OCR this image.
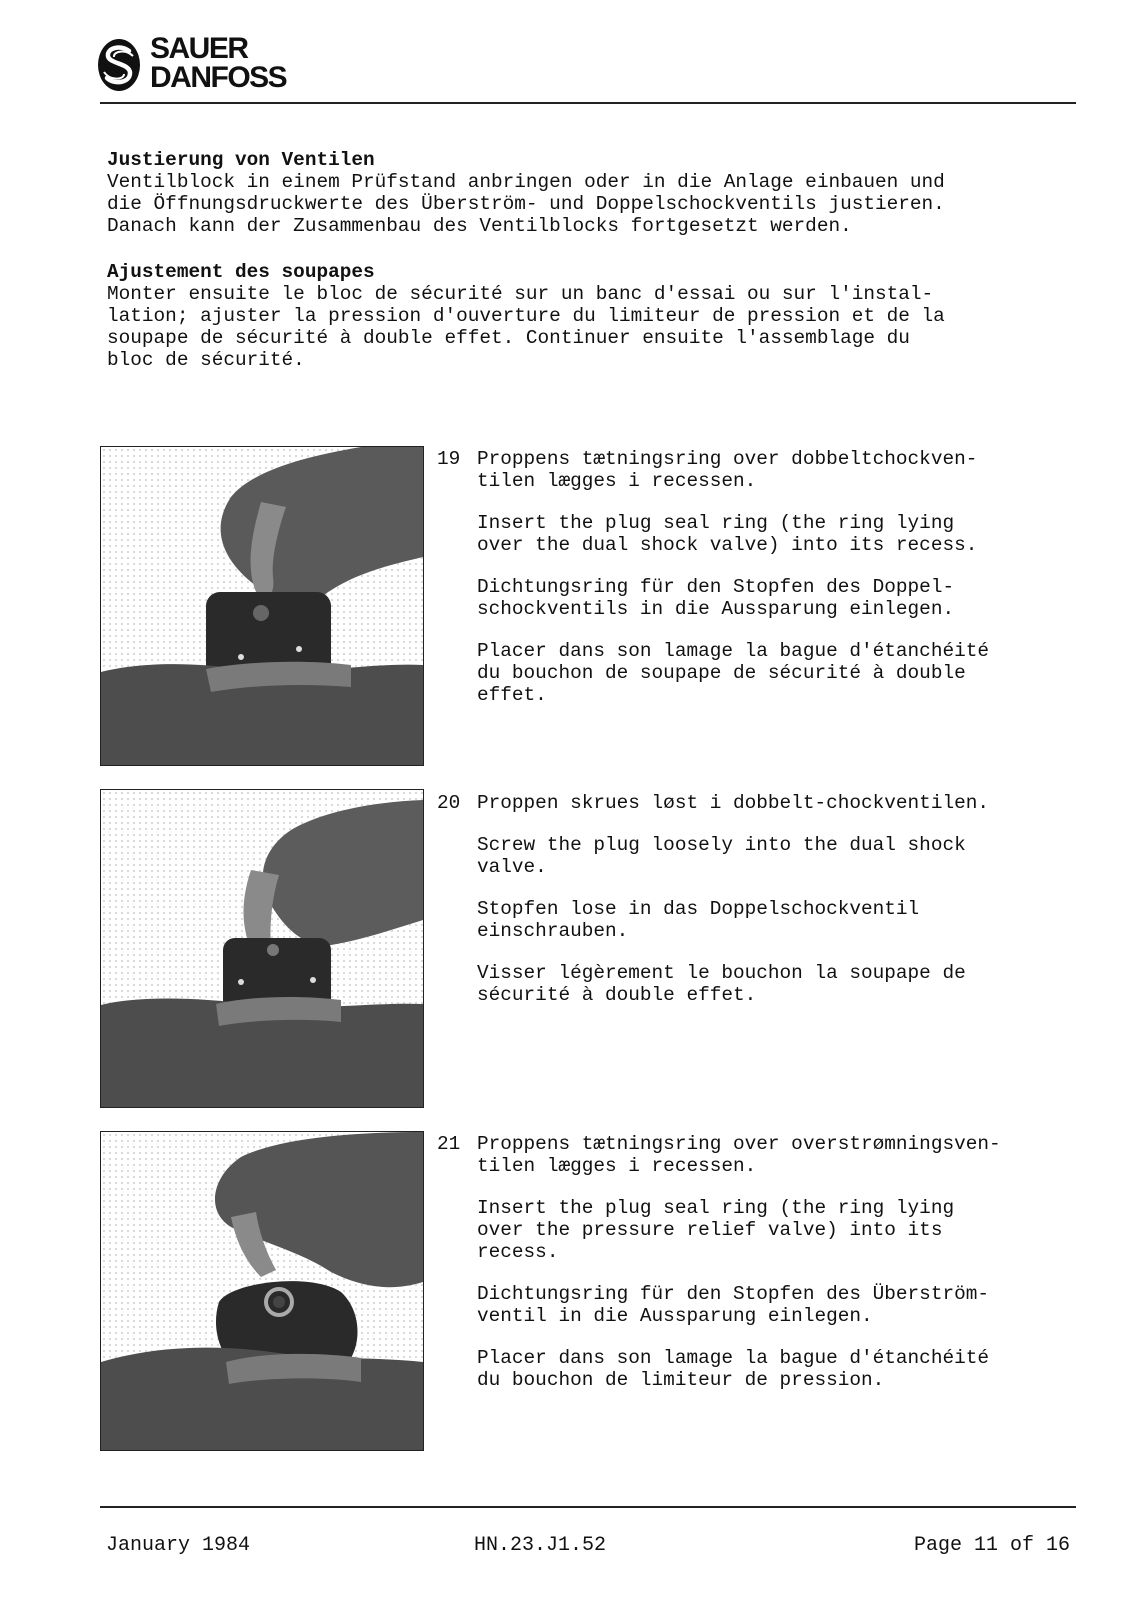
SAUER
DANFOSS
Justierung von Ventilen
Ventilblock in einem Prüfstand anbringen oder in die Anlage einbauen und
die Öffnungsdruckwerte des Überström- und Doppelschockventils justieren.
Danach kann der Zusammenbau des Ventilblocks fortgesetzt werden.
Ajustement des soupapes
Monter ensuite le bloc de sécurité sur un banc d'essai ou sur l'instal-
lation; ajuster la pression d'ouverture du limiteur de pression et de la
soupape de sécurité à double effet. Continuer ensuite l'assemblage du
bloc de sécurité.
19 Proppens tætningsring over dobbeltchockven-
tilen lægges i recessen.
Insert the plug seal ring (the ring lying
over the dual shock valve) into its recess.
Dichtungsring für den Stopfen des Doppel-
schockventils in die Aussparung einlegen.
Placer dans son lamage la bague d'étanchéité
du bouchon de soupape de sécurité à double
effet.
20 Proppen skrues løst i dobbelt-chockventilen.
Screw the plug loosely into the dual shock
valve.
Stopfen lose in das Doppelschockventil
einschrauben.
Visser légèrement le bouchon la soupape de
sécurité à double effet.
21 Proppens tætningsring over overstrømningsven-
tilen lægges i recessen.
Insert the plug seal ring (the ring lying
over the pressure relief valve) into its
recess.
Dichtungsring für den Stopfen des Überström-
ventil in die Aussparung einlegen.
Placer dans son lamage la bague d'étanchéité
du bouchon de limiteur de pression.
January 1984	HN.23.J1.52	Page 11 of 16
